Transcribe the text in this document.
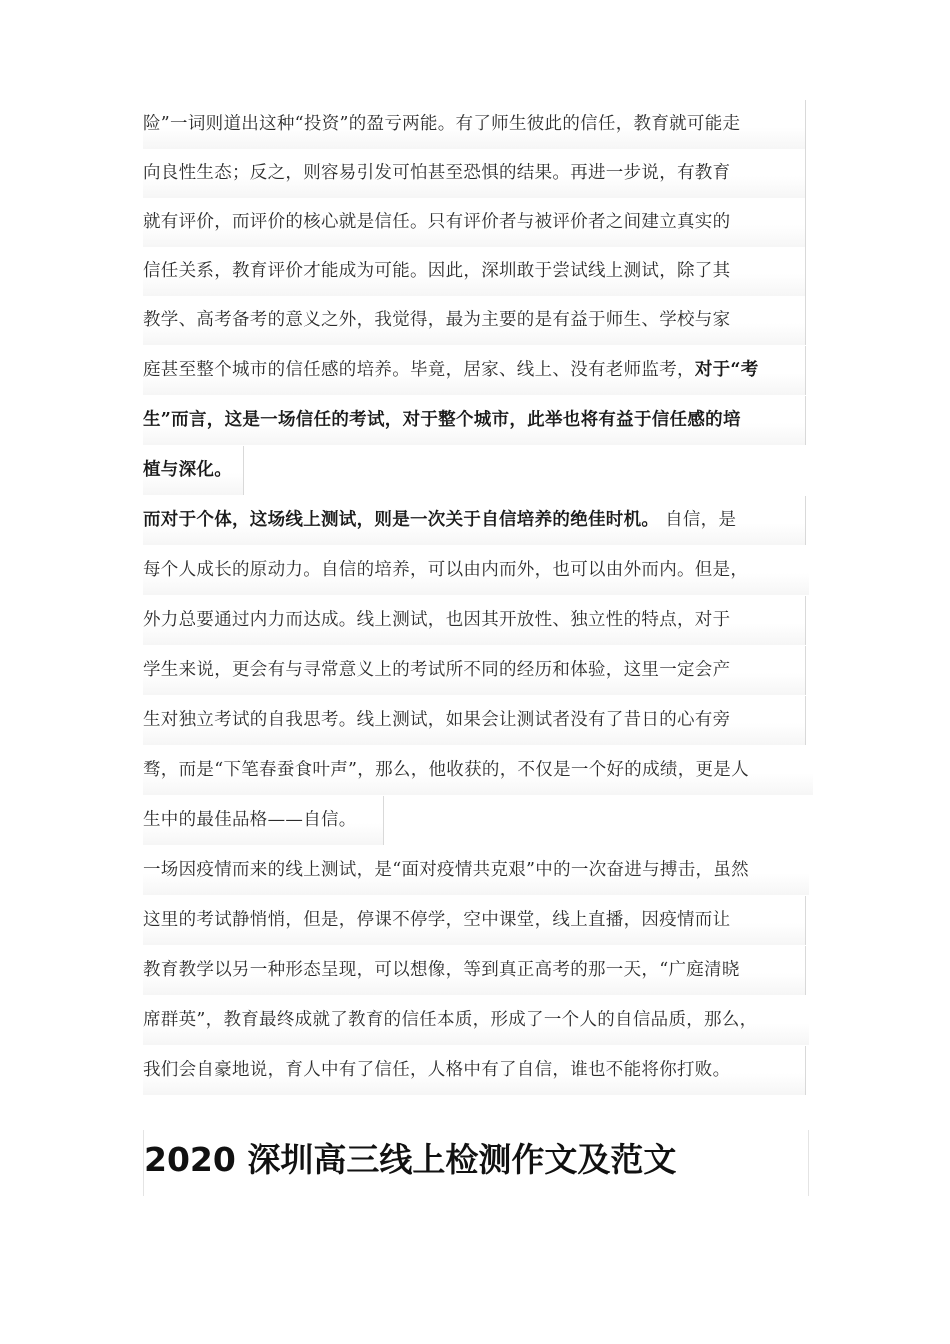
险”一词则道出这种“投资”的盈亏两能。有了师生彼此的信任，教育就可能走
向良性生态；反之，则容易引发可怕甚至恐惧的结果。再进一步说，有教育
就有评价，而评价的核心就是信任。只有评价者与被评价者之间建立真实的
信任关系，教育评价才能成为可能。因此，深圳敢于尝试线上测试，除了其
教学、高考备考的意义之外，我觉得，最为主要的是有益于师生、学校与家
庭甚至整个城市的信任感的培养。毕竟，居家、线上、没有老师监考，对于“考
生”而言，这是一场信任的考试，对于整个城市，此举也将有益于信任感的培
植与深化。
而对于个体，这场线上测试，则是一次关于自信培养的绝佳时机。 自信，是
每个人成长的原动力。自信的培养，可以由内而外，也可以由外而内。但是，
外力总要通过内力而达成。线上测试，也因其开放性、独立性的特点，对于
学生来说，更会有与寻常意义上的考试所不同的经历和体验，这里一定会产
生对独立考试的自我思考。线上测试，如果会让测试者没有了昔日的心有旁
骛，而是“下笔春蚕食叶声”，那么，他收获的，不仅是一个好的成绩，更是人
生中的最佳品格——自信。
一场因疫情而来的线上测试，是“面对疫情共克艰”中的一次奋进与搏击，虽然
这里的考试静悄悄，但是，停课不停学，空中课堂，线上直播，因疫情而让
教育教学以另一种形态呈现，可以想像，等到真正高考的那一天，“广庭清晓
席群英”，教育最终成就了教育的信任本质，形成了一个人的自信品质，那么，
我们会自豪地说，育人中有了信任，人格中有了自信，谁也不能将你打败。
2020 深圳高三线上检测作文及范文
